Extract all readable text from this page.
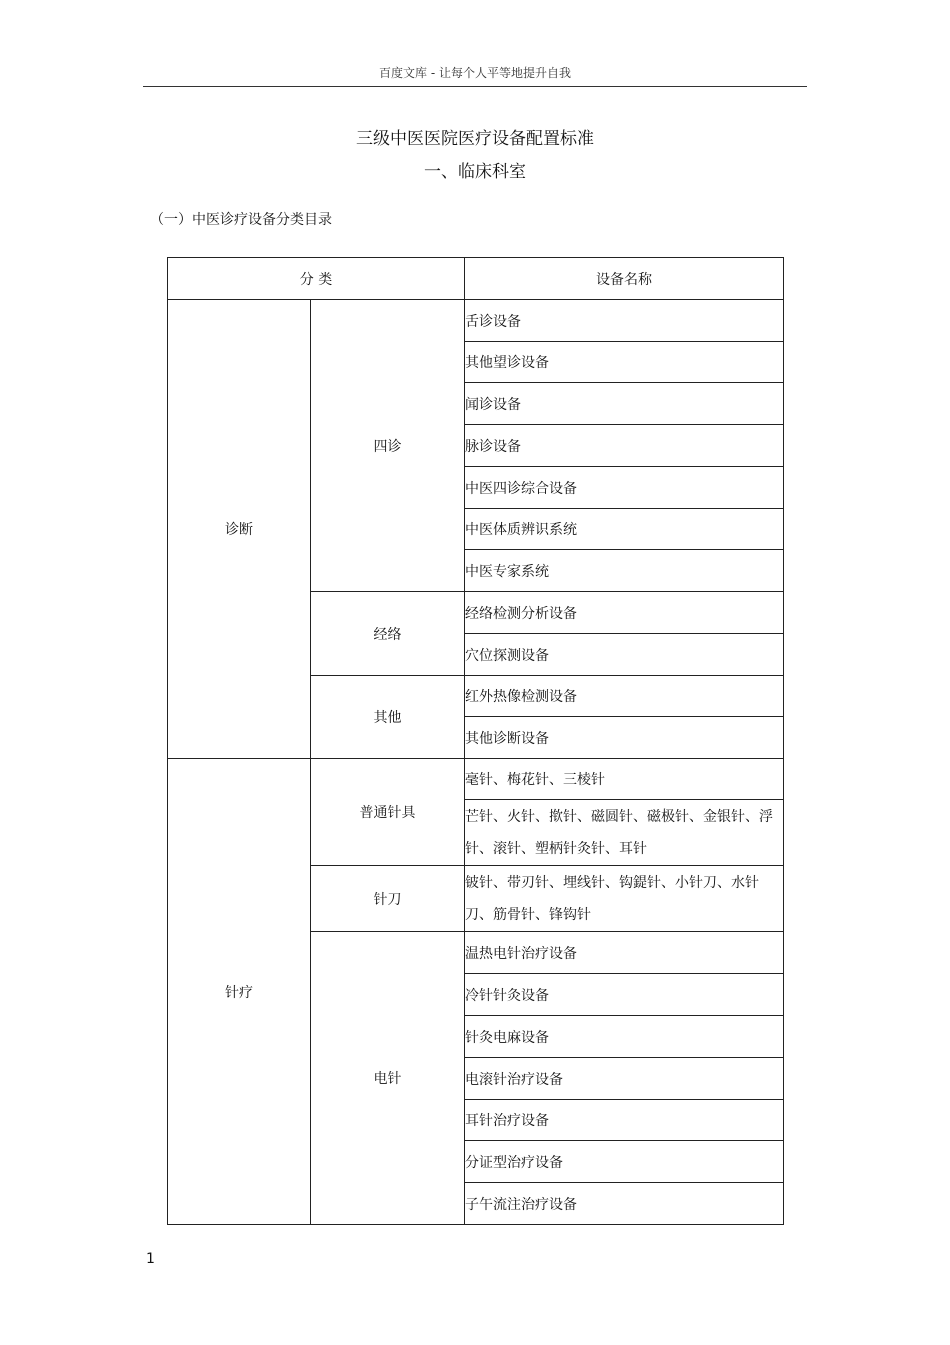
百度文库 - 让每个人平等地提升自我
三级中医医院医疗设备配置标准
一、临床科室
（一）中医诊疗设备分类目录
分 类		设备名称
诊断	四诊	舌诊设备
		其他望诊设备
		闻诊设备
		脉诊设备
		中医四诊综合设备
		中医体质辨识系统
		中医专家系统
	经络	经络检测分析设备
		穴位探测设备
	其他	红外热像检测设备
		其他诊断设备
针疗	普通针具	毫针、梅花针、三棱针
		芒针、火针、揿针、磁圆针、磁极针、金银针、浮针、滚针、塑柄针灸针、耳针
	针刀	铍针、带刃针、埋线针、钩鍉针、小针刀、水针刀、筋骨针、锋钩针
	电针	温热电针治疗设备
		冷针针灸设备
		针灸电麻设备
		电滚针治疗设备
		耳针治疗设备
		分证型治疗设备
		子午流注治疗设备
1
